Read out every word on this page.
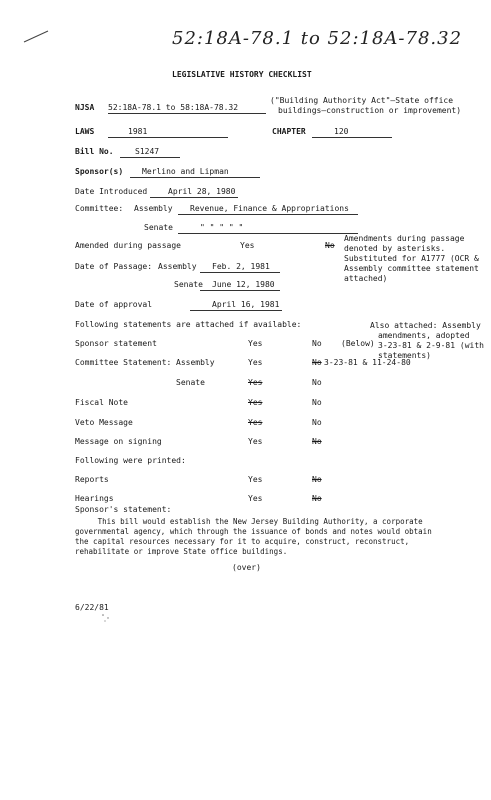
52:18A-78.1 to 52:18A-78.32
LEGISLATIVE HISTORY CHECKLIST
NJSA 52:18A-78.1 to 58:18A-78.32
("Building Authority Act"—State office
buildings—construction or improvement)
LAWS	1981	CHAPTER	120
Bill No.	S1247
Sponsor(s)	Merlino and Lipman
Date Introduced	April 28, 1980
Committee: Assembly	Revenue, Finance & Appropriations
Senate	" " " " "
Amended during passage	Yes	No
Amendments during passage
denoted by asterisks.
Substituted for A1777 (OCR &
Assembly committee statement
attached)
Date of Passage: Assembly	Feb. 2, 1981
Senate	June 12, 1980
Date of approval	April 16, 1981
Following statements are attached if available:	Also attached: Assembly
amendments, adopted
3-23-81 & 2-9-81 (with
statements)
Sponsor statement	Yes	No (Below)
Committee Statement: Assembly	Yes	No 3-23-81 & 11-24-80
Senate	Yes	No
Fiscal Note	Yes	No
Veto Message	Yes	No
Message on signing	Yes	No
Following were printed:
Reports	Yes	No
Hearings	Yes	No
Sponsor's statement:
This bill would establish the New Jersey Building Authority, a corporate
governmental agency, which through the issuance of bonds and notes would obtain
the capital resources necessary for it to acquire, construct, reconstruct,
rehabilitate or improve State office buildings.
(over)
6/22/81
